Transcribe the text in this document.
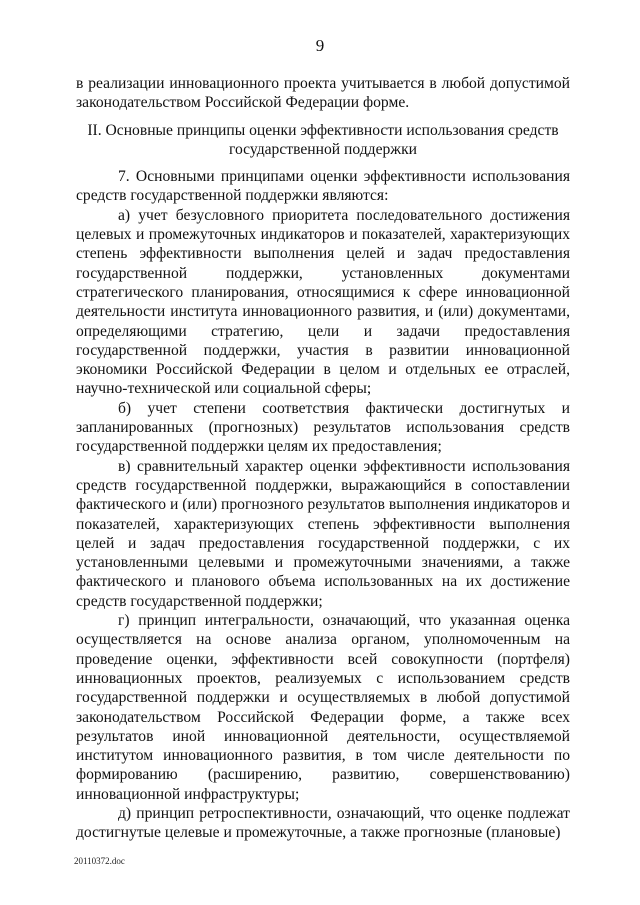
9

в реализации инновационного проекта учитывается в любой допустимой законодательством Российской Федерации форме.

II. Основные принципы оценки эффективности использования средств государственной поддержки

7. Основными принципами оценки эффективности использования средств государственной поддержки являются:

а) учет безусловного приоритета последовательного достижения целевых и промежуточных индикаторов и показателей, характеризующих степень эффективности выполнения целей и задач предоставления государственной поддержки, установленных документами стратегического планирования, относящимися к сфере инновационной деятельности института инновационного развития, и (или) документами, определяющими стратегию, цели и задачи предоставления государственной поддержки, участия в развитии инновационной экономики Российской Федерации в целом и отдельных ее отраслей, научно-технической или социальной сферы;

б) учет степени соответствия фактически достигнутых и запланированных (прогнозных) результатов использования средств государственной поддержки целям их предоставления;

в) сравнительный характер оценки эффективности использования средств государственной поддержки, выражающийся в сопоставлении фактического и (или) прогнозного результатов выполнения индикаторов и показателей, характеризующих степень эффективности выполнения целей и задач предоставления государственной поддержки, с их установленными целевыми и промежуточными значениями, а также фактического и планового объема использованных на их достижение средств государственной поддержки;

г) принцип интегральности, означающий, что указанная оценка осуществляется на основе анализа органом, уполномоченным на проведение оценки, эффективности всей совокупности (портфеля) инновационных проектов, реализуемых с использованием средств государственной поддержки и осуществляемых в любой допустимой законодательством Российской Федерации форме, а также всех результатов иной инновационной деятельности, осуществляемой институтом инновационного развития, в том числе деятельности по формированию (расширению, развитию, совершенствованию) инновационной инфраструктуры;

д) принцип ретроспективности, означающий, что оценке подлежат достигнутые целевые и промежуточные, а также прогнозные (плановые)

20110372.doc
